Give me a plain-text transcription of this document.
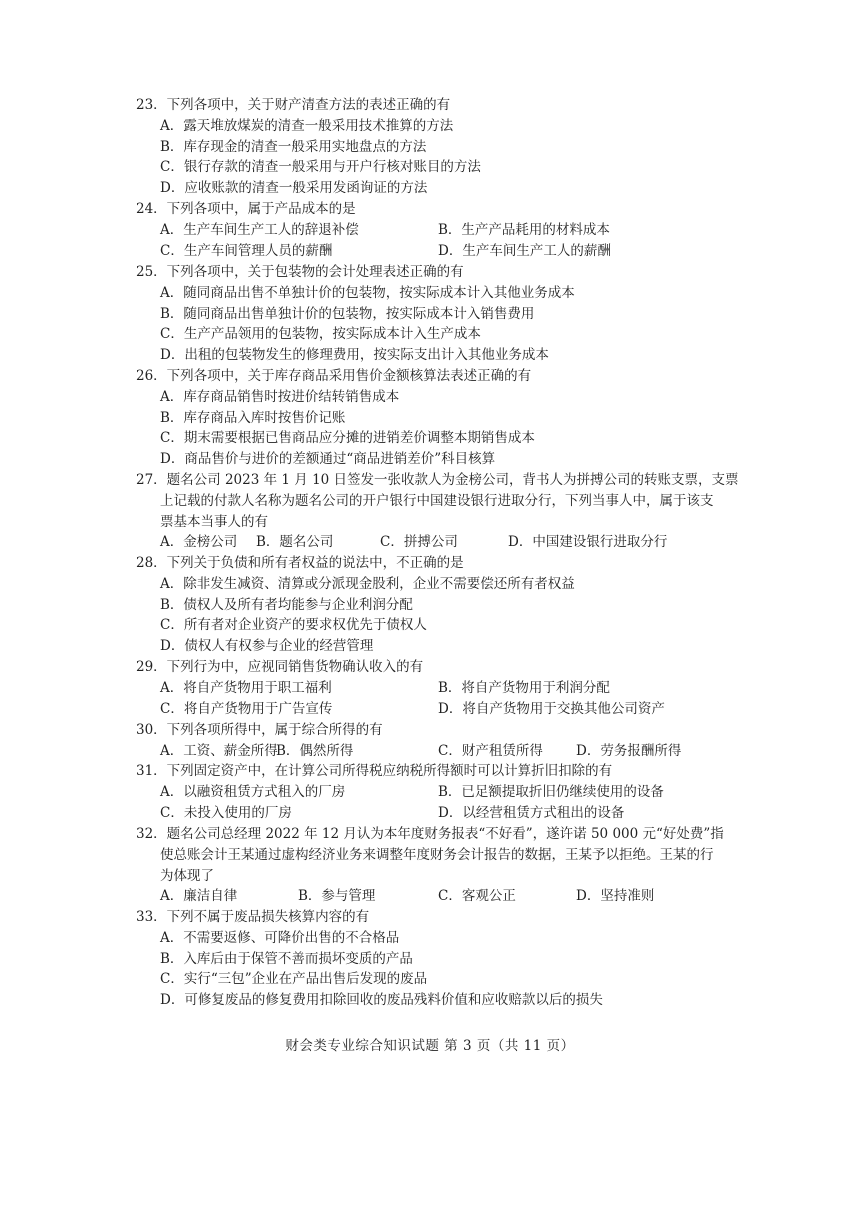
23．下列各项中，关于财产清查方法的表述正确的有
A．露天堆放煤炭的清查一般采用技术推算的方法
B．库存现金的清查一般采用实地盘点的方法
C．银行存款的清查一般采用与开户行核对账目的方法
D．应收账款的清查一般采用发函询证的方法
24．下列各项中，属于产品成本的是
A．生产车间生产工人的辞退补偿	B．生产产品耗用的材料成本
C．生产车间管理人员的薪酬	D．生产车间生产工人的薪酬
25．下列各项中，关于包装物的会计处理表述正确的有
A．随同商品出售不单独计价的包装物，按实际成本计入其他业务成本
B．随同商品出售单独计价的包装物，按实际成本计入销售费用
C．生产产品领用的包装物，按实际成本计入生产成本
D．出租的包装物发生的修理费用，按实际支出计入其他业务成本
26．下列各项中，关于库存商品采用售价金额核算法表述正确的有
A．库存商品销售时按进价结转销售成本
B．库存商品入库时按售价记账
C．期末需要根据已售商品应分摊的进销差价调整本期销售成本
D．商品售价与进价的差额通过“商品进销差价”科目核算
27．题名公司 2023 年 1 月 10 日签发一张收款人为金榜公司，背书人为拼搏公司的转账支票，支票
上记载的付款人名称为题名公司的开户银行中国建设银行进取分行，下列当事人中，属于该支
票基本当事人的有
A．金榜公司	B．题名公司	C．拼搏公司	D．中国建设银行进取分行
28．下列关于负债和所有者权益的说法中，不正确的是
A．除非发生减资、清算或分派现金股利，企业不需要偿还所有者权益
B．债权人及所有者均能参与企业利润分配
C．所有者对企业资产的要求权优先于债权人
D．债权人有权参与企业的经营管理
29．下列行为中，应视同销售货物确认收入的有
A．将自产货物用于职工福利	B．将自产货物用于利润分配
C．将自产货物用于广告宣传	D．将自产货物用于交换其他公司资产
30．下列各项所得中，属于综合所得的有
A．工资、薪金所得
B．偶然所得	C．财产租赁所得	D．劳务报酬所得
31．下列固定资产中，在计算公司所得税应纳税所得额时可以计算折旧扣除的有
A．以融资租赁方式租入的厂房	B．已足额提取折旧仍继续使用的设备
C．未投入使用的厂房	D．以经营租赁方式租出的设备
32．题名公司总经理 2022 年 12 月认为本年度财务报表“不好看”，遂许诺 50 000 元“好处费”指
使总账会计王某通过虚构经济业务来调整年度财务会计报告的数据，王某予以拒绝。王某的行
为体现了
A．廉洁自律	B．参与管理	C．客观公正	D．坚持准则
33．下列不属于废品损失核算内容的有
A．不需要返修、可降价出售的不合格品
B．入库后由于保管不善而损坏变质的产品
C．实行“三包”企业在产品出售后发现的废品
D．可修复废品的修复费用扣除回收的废品残料价值和应收赔款以后的损失
财会类专业综合知识试题 第 3 页（共 11 页）
